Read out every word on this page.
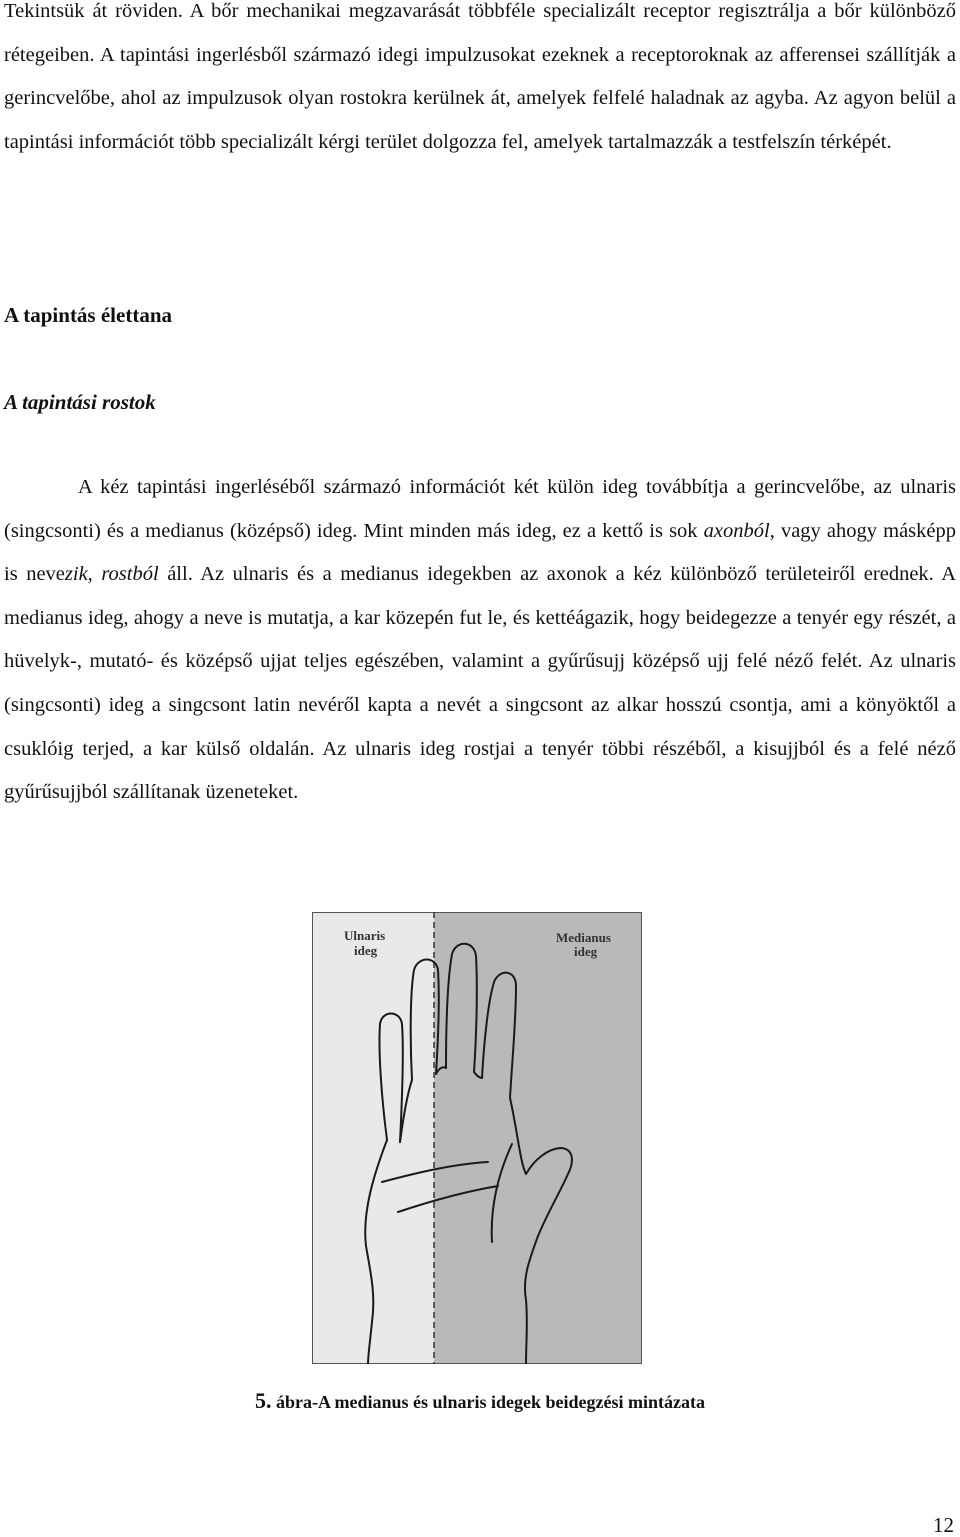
Tekintsük át röviden. A bőr mechanikai megzavarását többféle specializált receptor regisztrálja a bőr különböző rétegeiben. A tapintási ingerlésből származó idegi impulzusokat ezeknek a receptoroknak az afferensei szállítják a gerincvelőbe, ahol az impulzusok olyan rostokra kerülnek át, amelyek felfelé haladnak az agyba. Az agyon belül a tapintási információt több specializált kérgi terület dolgozza fel, amelyek tartalmazzák a testfelszín térképét.

A tapintás élettana
A tapintási rostok

A kéz tapintási ingerléséből származó információt két külön ideg továbbítja a gerincvelőbe, az ulnaris (singcsonti) és a medianus (középső) ideg. Mint minden más ideg, ez a kettő is sok axonból, vagy ahogy másképp is nevezik, rostból áll. Az ulnaris és a medianus idegekben az axonok a kéz különböző területeiről erednek. A medianus ideg, ahogy a neve is mutatja, a kar közepén fut le, és kettéágazik, hogy beidegezze a tenyér egy részét, a hüvelyk-, mutató- és középső ujjat teljes egészében, valamint a gyűrűsujj középső ujj felé néző felét. Az ulnaris (singcsonti) ideg a singcsont latin nevéről kapta a nevét a singcsont az alkar hosszú csontja, ami a könyöktől a csuklóig terjed, a kar külső oldalán. Az ulnaris ideg rostjai a tenyér többi részéből, a kisujjból és a felé néző gyűrűsujjból szállítanak üzeneteket.

Ulnaris
ideg
Medianus
ideg
5. ábra-A medianus és ulnaris idegek beidegzési mintázata
12
